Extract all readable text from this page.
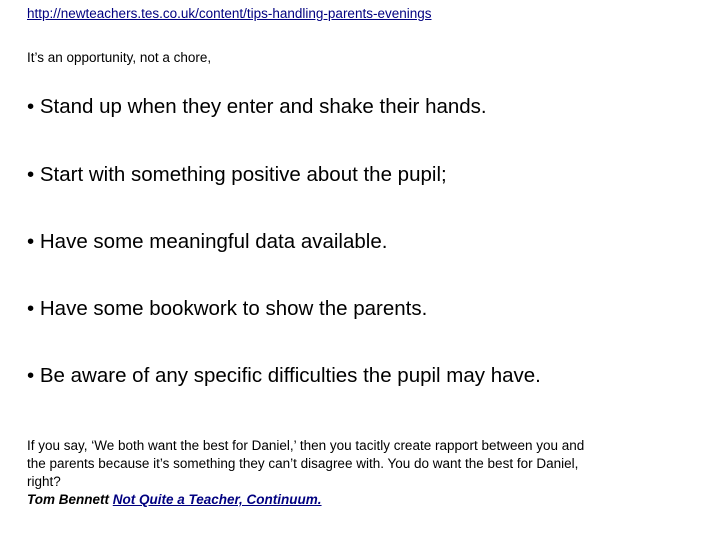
http://newteachers.tes.co.uk/content/tips-handling-parents-evenings
It’s an opportunity, not a chore,
• Stand up when they enter and shake their hands.
• Start with something positive about the pupil;
• Have some meaningful data available.
• Have some bookwork to show the parents.
• Be aware of any specific difficulties the pupil may have.
If you say, ‘We both want the best for Daniel,’ then you tacitly create rapport between you and
the parents because it’s something they can’t disagree with. You do want the best for Daniel,
right?
Tom Bennett Not Quite a Teacher, Continuum.
